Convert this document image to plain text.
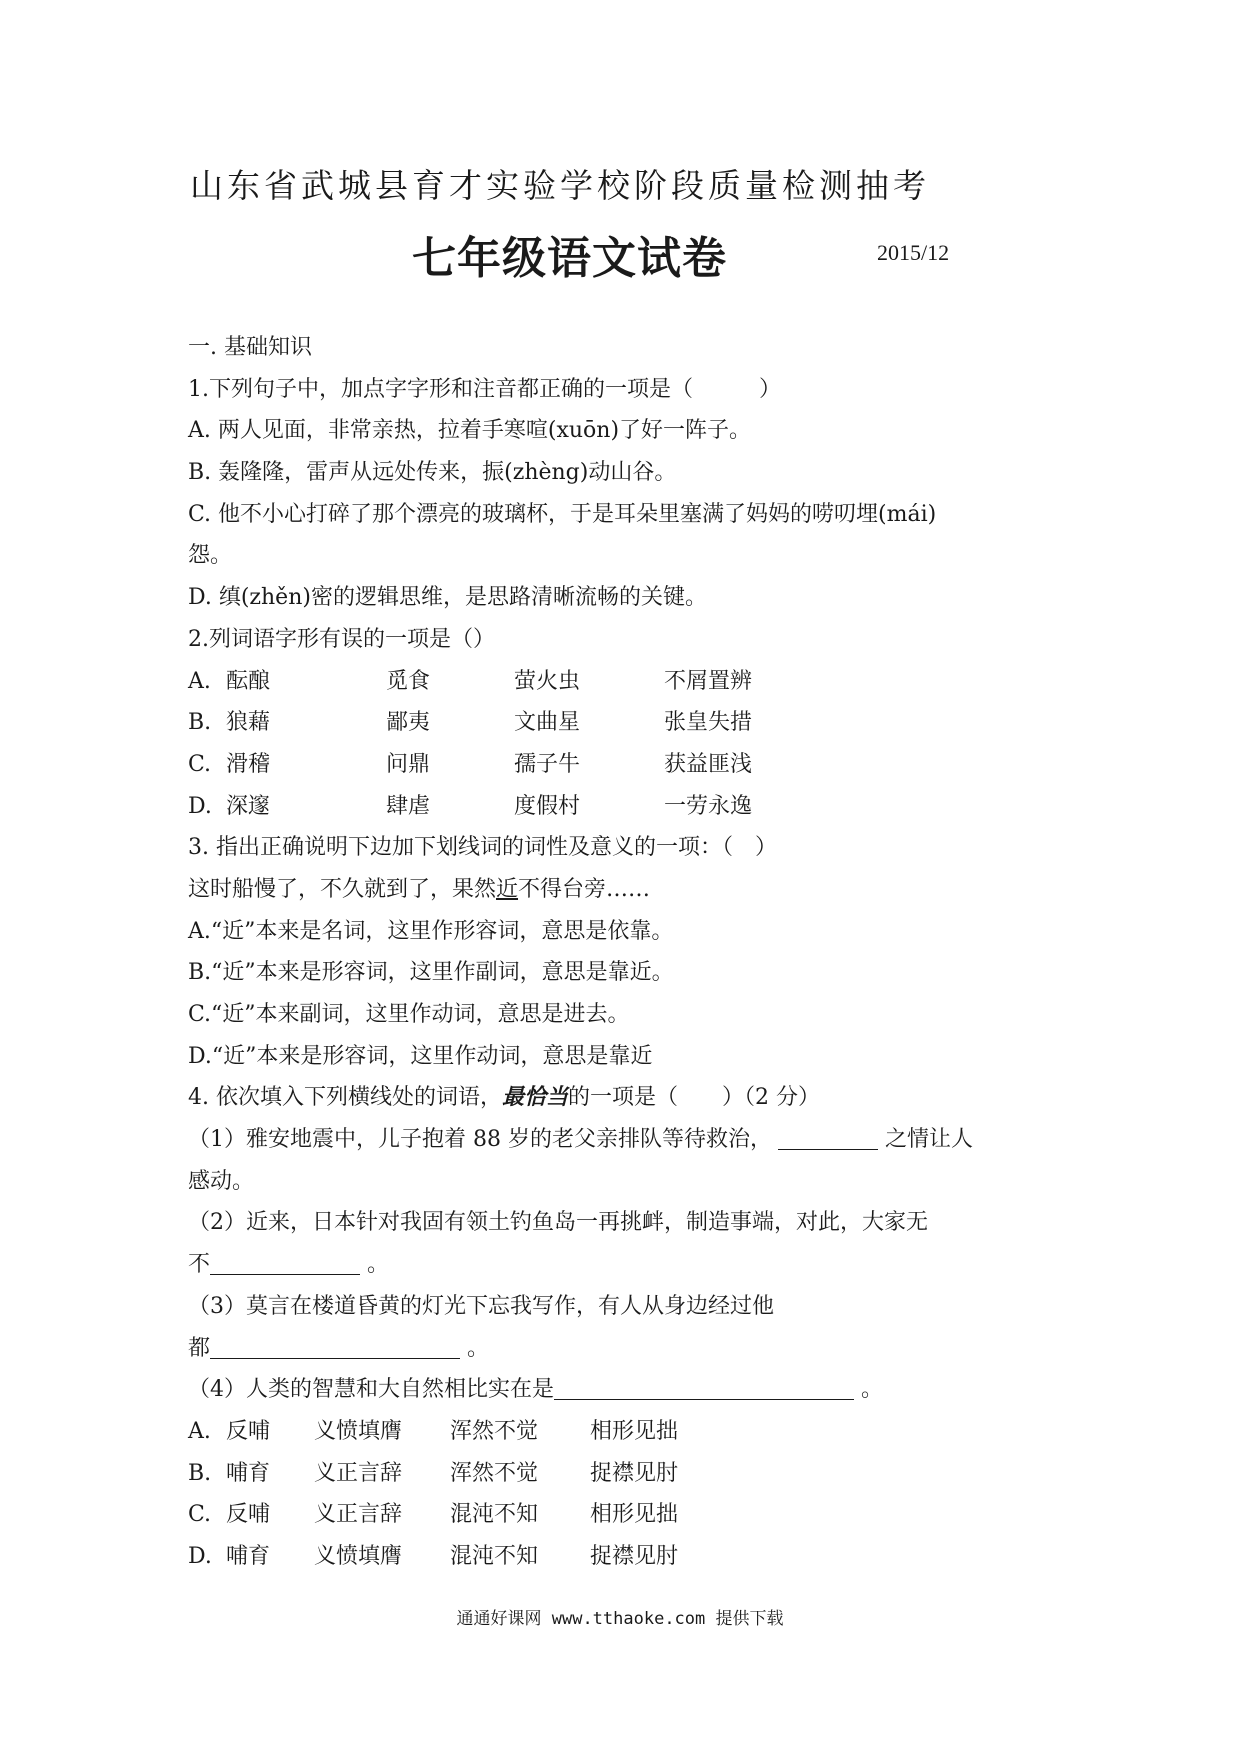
山东省武城县育才实验学校阶段质量检测抽考
七年级语文试卷	2015/12
一. 基础知识
1.下列句子中，加点字字形和注音都正确的一项是（　　　）
A. 两人见面，非常亲热，拉着手寒喧(xuōn)了好一阵子。
B. 轰隆隆，雷声从远处传来，振(zhèng)动山谷。
C. 他不小心打碎了那个漂亮的玻璃杯，于是耳朵里塞满了妈妈的唠叨埋(mái)
怨。
D. 缜(zhěn)密的逻辑思维，是思路清晰流畅的关键。
2.列词语字形有误的一项是（）
A. 酝酿	觅食	萤火虫	不屑置辨
B. 狼藉	鄙夷	文曲星	张皇失措
C. 滑稽	问鼎	孺子牛	获益匪浅
D. 深邃	肆虐	度假村	一劳永逸
3. 指出正确说明下边加下划线词的词性及意义的一项：（　）
这时船慢了，不久就到了，果然近不得台旁……
A.“近”本来是名词，这里作形容词，意思是依靠。
B.“近”本来是形容词，这里作副词，意思是靠近。
C.“近”本来副词，这里作动词，意思是进去。
D.“近”本来是形容词，这里作动词，意思是靠近
4. 依次填入下列横线处的词语，最恰当的一项是（　　）（2 分）
（1）雅安地震中，儿子抱着 88 岁的老父亲排队等待救治，	之情让人
感动。
（2）近来，日本针对我固有领土钓鱼岛一再挑衅，制造事端，对此，大家无
不	。
（3）莫言在楼道昏黄的灯光下忘我写作，有人从身边经过他
都	。
（4）人类的智慧和大自然相比实在是	。
A. 反哺	义愤填膺	浑然不觉	相形见拙
B. 哺育	义正言辞	浑然不觉	捉襟见肘
C. 反哺	义正言辞	混沌不知	相形见拙
D. 哺育	义愤填膺	混沌不知	捉襟见肘
通通好课网 www.tthaoke.com 提供下载
